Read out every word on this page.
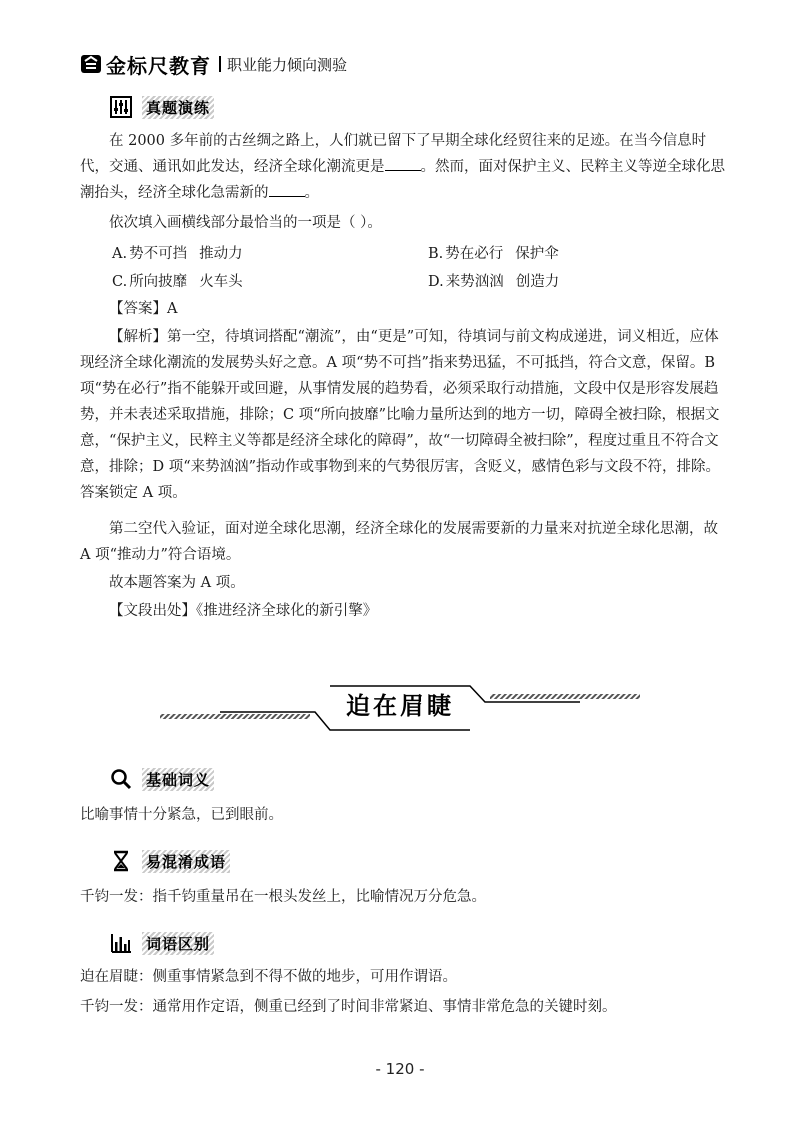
金标尺教育 职业能力倾向测验
真题演练

在 2000 多年前的古丝绸之路上，人们就已留下了早期全球化经贸往来的足迹。在当今信息时代，交通、通讯如此发达，经济全球化潮流更是 。然而，面对保护主义、民粹主义等逆全球化思潮抬头，经济全球化急需新的 。

依次填入画横线部分最恰当的一项是（ ）。

A. 势不可挡 推动力	B. 势在必行 保护伞
C. 所向披靡 火车头	D. 来势汹汹 创造力

【答案】A

【解析】第一空，待填词搭配“潮流”，由“更是”可知，待填词与前文构成递进，词义相近，应体现经济全球化潮流的发展势头好之意。A 项“势不可挡”指来势迅猛，不可抵挡，符合文意，保留。B 项“势在必行”指不能躲开或回避，从事情发展的趋势看，必须采取行动措施，文段中仅是形容发展趋势，并未表述采取措施，排除；C 项“所向披靡”比喻力量所达到的地方一切，障碍全被扫除，根据文意，“保护主义，民粹主义等都是经济全球化的障碍”，故“一切障碍全被扫除”，程度过重且不符合文意，排除；D 项“来势汹汹”指动作或事物到来的气势很厉害，含贬义，感情色彩与文段不符，排除。答案锁定 A 项。

第二空代入验证，面对逆全球化思潮，经济全球化的发展需要新的力量来对抗逆全球化思潮，故 A 项“推动力”符合语境。

故本题答案为 A 项。

【文段出处】《推进经济全球化的新引擎》

迫在眉睫
基础词义

比喻事情十分紧急，已到眼前。

易混淆成语

千钧一发：指千钧重量吊在一根头发丝上，比喻情况万分危急。

词语区别

迫在眉睫：侧重事情紧急到不得不做的地步，可用作谓语。

千钧一发：通常用作定语，侧重已经到了时间非常紧迫、事情非常危急的关键时刻。

- 120 -
